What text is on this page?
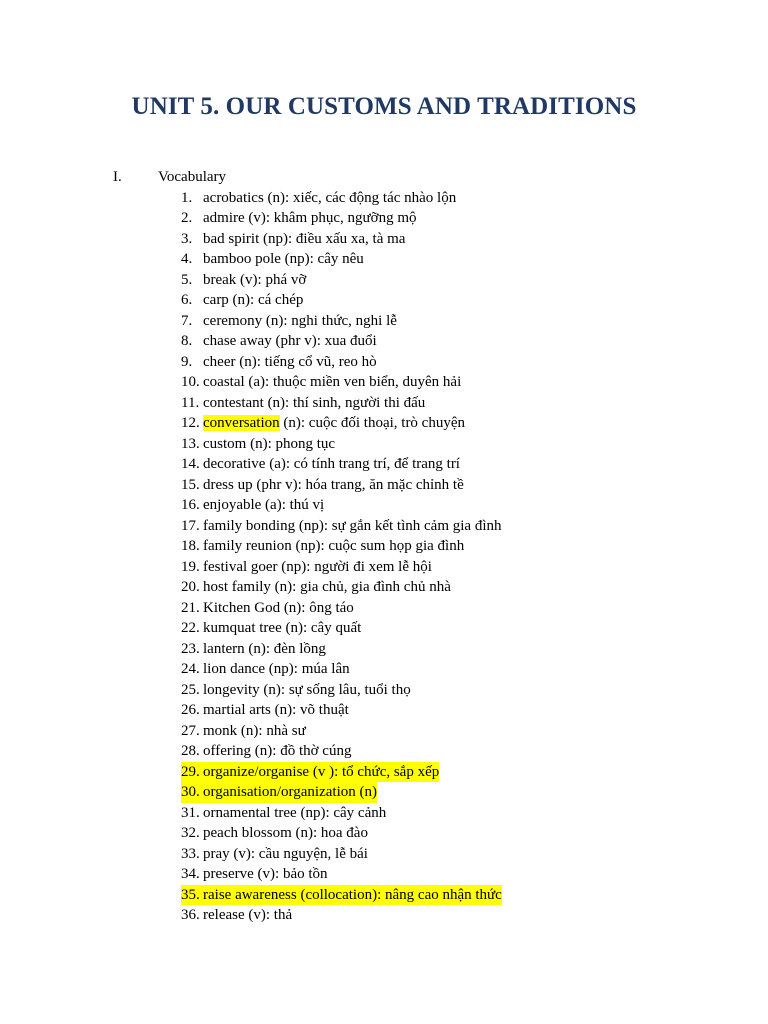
UNIT 5. OUR CUSTOMS AND TRADITIONS
I. Vocabulary
1. acrobatics (n): xiếc, các động tác nhào lộn
2. admire (v): khâm phục, ngưỡng mộ
3. bad spirit (np): điều xấu xa, tà ma
4. bamboo pole (np): cây nêu
5. break (v): phá vỡ
6. carp (n): cá chép
7. ceremony (n): nghi thức, nghi lễ
8. chase away (phr v): xua đuổi
9. cheer (n): tiếng cổ vũ, reo hò
10. coastal (a): thuộc miền ven biển, duyên hải
11. contestant (n): thí sinh, người thi đấu
12. conversation (n): cuộc đối thoại, trò chuyện
13. custom (n): phong tục
14. decorative (a): có tính trang trí, để trang trí
15. dress up (phr v): hóa trang, ăn mặc chỉnh tề
16. enjoyable (a): thú vị
17. family bonding (np): sự gắn kết tình cảm gia đình
18. family reunion (np): cuộc sum họp gia đình
19. festival goer (np): người đi xem lễ hội
20. host family (n): gia chủ, gia đình chủ nhà
21. Kitchen God (n): ông táo
22. kumquat tree (n): cây quất
23. lantern (n): đèn lồng
24. lion dance (np): múa lân
25. longevity (n): sự sống lâu, tuổi thọ
26. martial arts (n): võ thuật
27. monk (n): nhà sư
28. offering (n): đồ thờ cúng
29. organize/organise (v ): tổ chức, sắp xếp
30. organisation/organization (n)
31. ornamental tree (np): cây cảnh
32. peach blossom (n): hoa đào
33. pray (v): cầu nguyện, lễ bái
34. preserve (v): bảo tồn
35. raise awareness (collocation): nâng cao nhận thức
36. release (v): thả
